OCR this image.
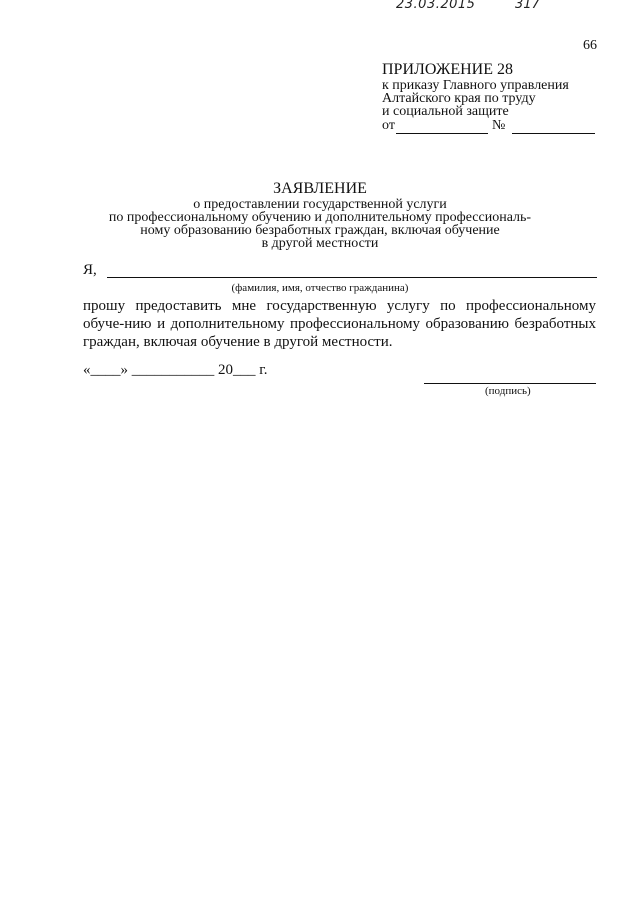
66
ПРИЛОЖЕНИЕ 28
к приказу Главного управления
Алтайского края по труду
и социальной защите
от
23.03.2015
№
317
ЗАЯВЛЕНИЕ
о предоставлении государственной услуги
по профессиональному обучению и дополнительному профессиональ-
ному образованию безработных граждан, включая обучение
в другой местности
Я,
(фамилия, имя, отчество гражданина)
прошу предоставить мне государственную услугу по профессиональному обуче-нию и дополнительному профессиональному образованию безработных граждан, включая обучение в другой местности.
«____» ___________ 20___ г.
(подпись)
